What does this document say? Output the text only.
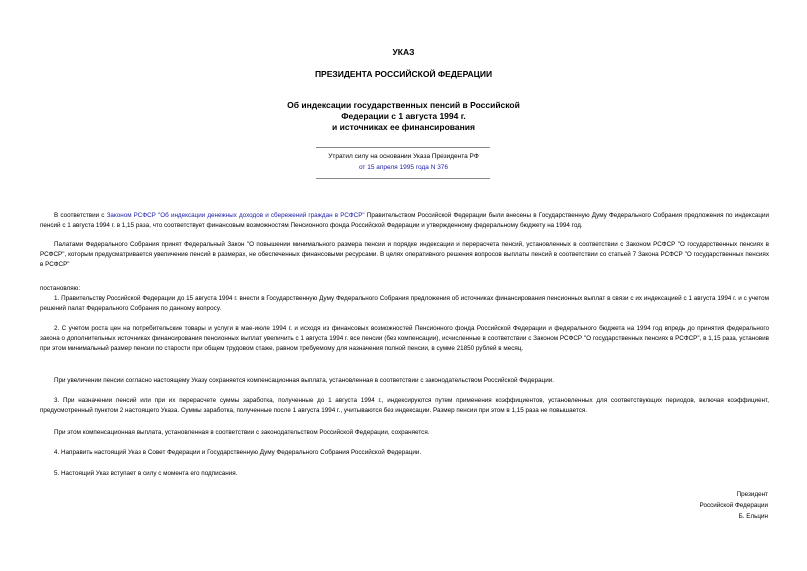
УКАЗ
ПРЕЗИДЕНТА РОССИЙСКОЙ ФЕДЕРАЦИИ
Об индексации государственных пенсий в Российской
Федерации с 1 августа 1994 г.
и источниках ее финансирования
Утратил силу на основании Указа Президента РФ
от 15 апреля 1995 года N 376
В соответствии с Законом РСФСР "Об индексации денежных доходов и сбережений граждан в РСФСР" Правительством Российской Федерации были внесены в Государственную Думу Федерального Собрания предложения по индексации пенсий с 1 августа 1994 г. в 1,15 раза, что соответствует финансовым возможностям Пенсионного фонда Российской Федерации и утвержденному федеральному бюджету на 1994 год.
Палатами Федерального Собрания принят Федеральный Закон "О повышении минимального размера пенсии и порядке индексации и перерасчета пенсий, установленных в соответствии с Законом РСФСР "О государственных пенсиях в РСФСР", которым предусматривается увеличение пенсий в размерах, не обеспеченных финансовыми ресурсами. В целях оперативного решения вопросов выплаты пенсий в соответствии со статьей 7 Закона РСФСР "О государственных пенсиях в РСФСР"
постановляю:
1. Правительству Российской Федерации до 15 августа 1994 г. внести в Государственную Думу Федерального Собрания предложения об источниках финансирования пенсионных выплат в связи с их индексацией с 1 августа 1994 г. и с учетом решений палат Федерального Собрания по данному вопросу.
2. С учетом роста цен на потребительские товары и услуги в мае-июле 1994 г. и исходя из финансовых возможностей Пенсионного фонда Российской Федерации и федерального бюджета на 1994 год впредь до принятия федерального закона о дополнительных источниках финансирования пенсионных выплат увеличить с 1 августа 1994 г. все пенсии (без компенсации), исчисленные в соответствии с Законом РСФСР "О государственных пенсиях в РСФСР", в 1,15 раза, установив при этом минимальный размер пенсии по старости при общем трудовом стаже, равном требуемому для назначения полной пенсии, в сумме 21850 рублей в месяц.
При увеличении пенсии согласно настоящему Указу сохраняется компенсационная выплата, установленная в соответствии с законодательством Российской Федерации.
3. При назначении пенсий или при их перерасчете суммы заработка, полученные до 1 августа 1994 г., индексируются путем применения коэффициентов, установленных для соответствующих периодов, включая коэффициент, предусмотренный пунктом 2 настоящего Указа. Суммы заработка, полученные после 1 августа 1994 г., учитываются без индексации. Размер пенсии при этом в 1,15 раза не повышается.
При этом компенсационная выплата, установленная в соответствии с законодательством Российской Федерации, сохраняется.
4. Направить настоящий Указ в Совет Федерации и Государственную Думу Федерального Собрания Российской Федерации.
5. Настоящий Указ вступает в силу с момента его подписания.
Президент
Российской Федерации
Б. Ельцин
